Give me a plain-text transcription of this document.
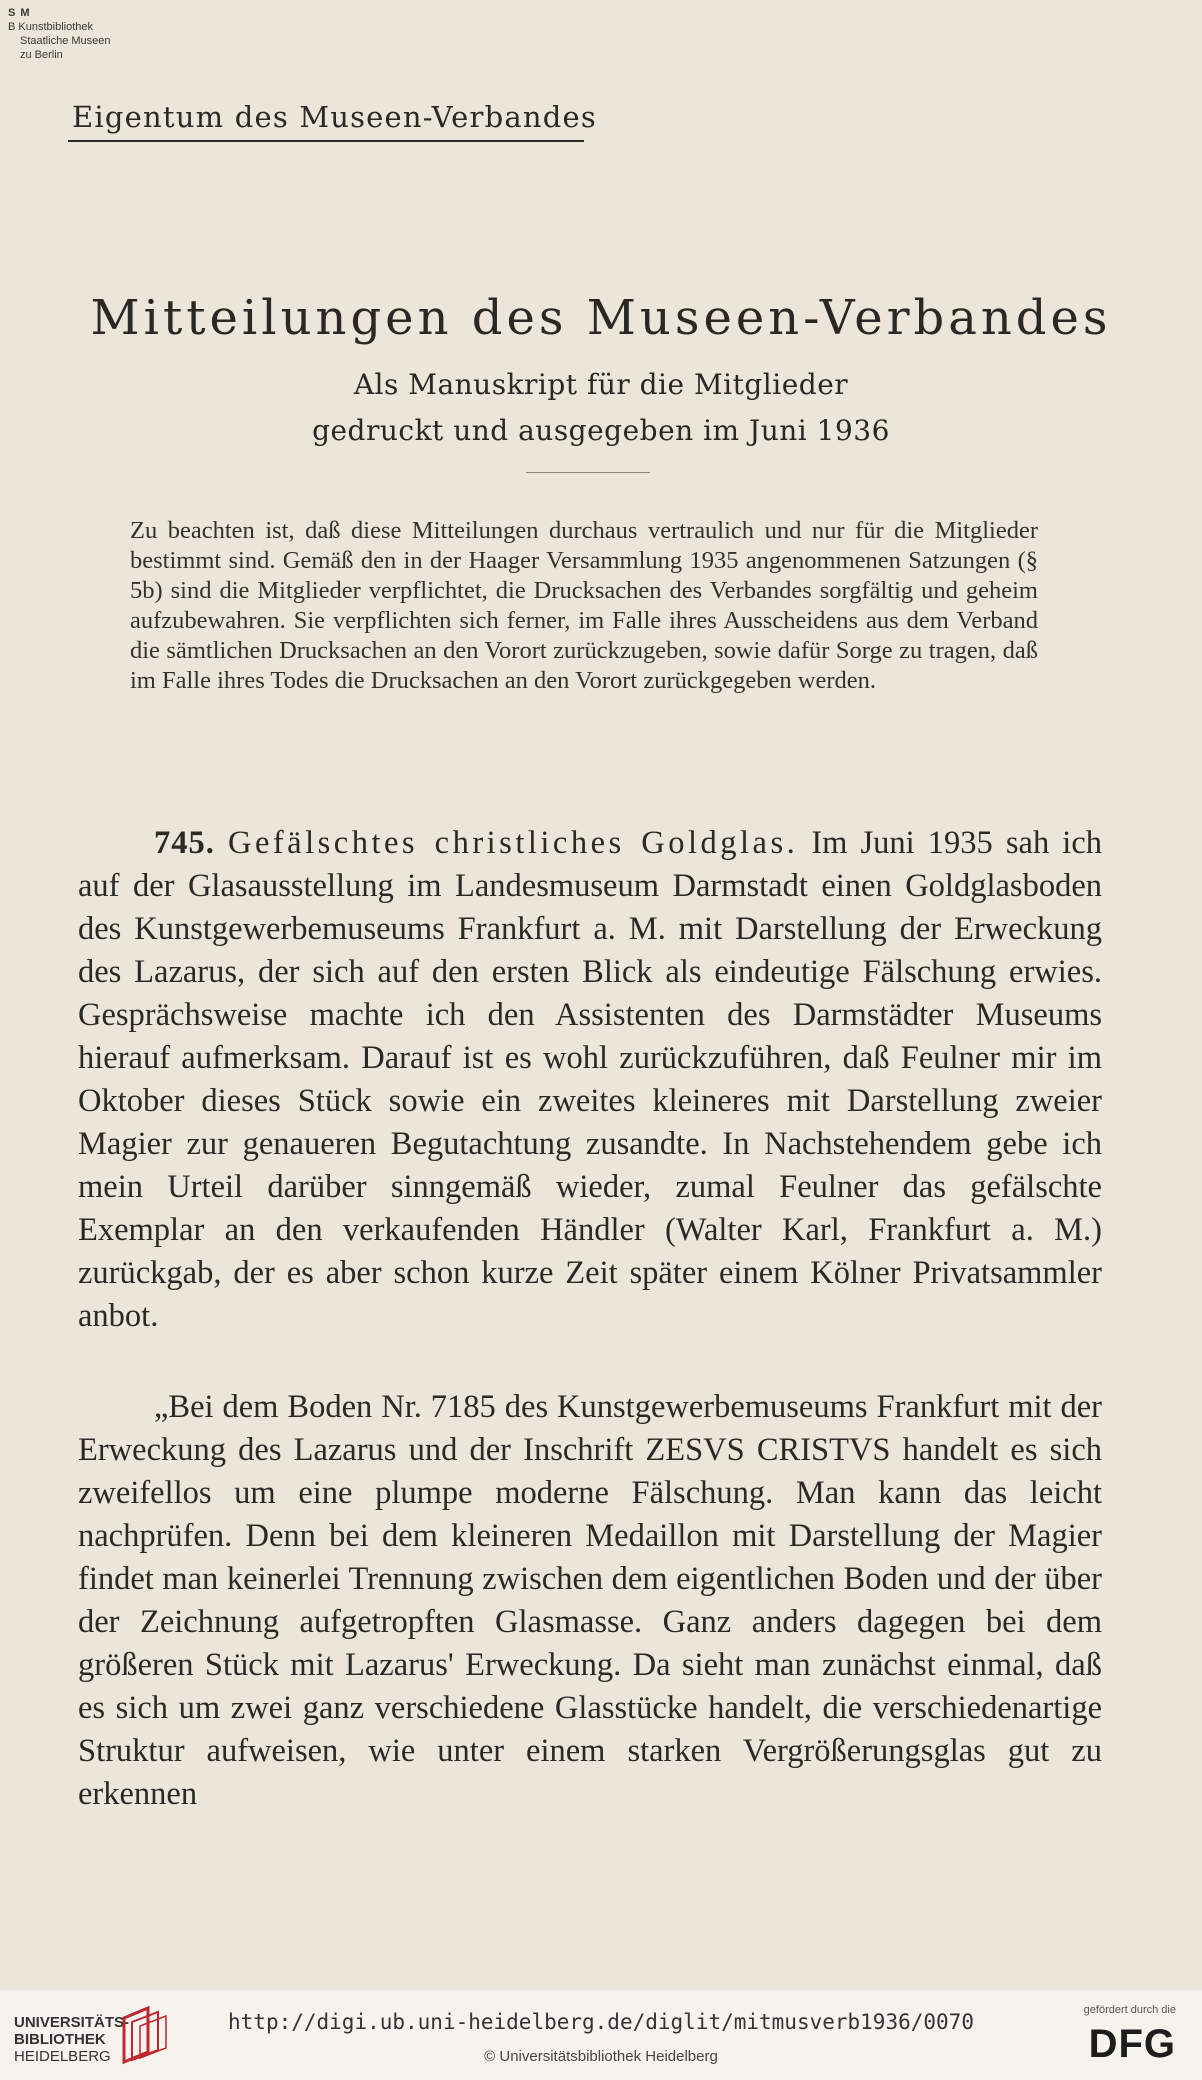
S M
B Kunstbibliothek
Staatliche Museen
zu Berlin
Eigentum des Museen-Verbandes
Mitteilungen des Museen-Verbandes
Als Manuskript für die Mitglieder
gedruckt und ausgegeben im Juni 1936
Zu beachten ist, daß diese Mitteilungen durchaus vertraulich und nur für die Mitglieder bestimmt sind. Gemäß den in der Haager Versammlung 1935 angenommenen Satzungen (§ 5b) sind die Mitglieder verpflichtet, die Drucksachen des Verbandes sorgfältig und geheim aufzubewahren. Sie verpflichten sich ferner, im Falle ihres Ausscheidens aus dem Verband die sämtlichen Drucksachen an den Vorort zurückzugeben, sowie dafür Sorge zu tragen, daß im Falle ihres Todes die Drucksachen an den Vorort zurückgegeben werden.
745. Gefälschtes christliches Goldglas. Im Juni 1935 sah ich auf der Glasausstellung im Landesmuseum Darmstadt einen Goldglasboden des Kunstgewerbemuseums Frankfurt a. M. mit Darstellung der Erweckung des Lazarus, der sich auf den ersten Blick als eindeutige Fälschung erwies. Gesprächsweise machte ich den Assistenten des Darmstädter Museums hierauf aufmerksam. Darauf ist es wohl zurückzuführen, daß Feulner mir im Oktober dieses Stück sowie ein zweites kleineres mit Darstellung zweier Magier zur genaueren Begutachtung zusandte. In Nachstehendem gebe ich mein Urteil darüber sinngemäß wieder, zumal Feulner das gefälschte Exemplar an den verkaufenden Händler (Walter Karl, Frankfurt a. M.) zurückgab, der es aber schon kurze Zeit später einem Kölner Privatsammler anbot.
„Bei dem Boden Nr. 7185 des Kunstgewerbemuseums Frankfurt mit der Erweckung des Lazarus und der Inschrift ZESVS CRISTVS handelt es sich zweifellos um eine plumpe moderne Fälschung. Man kann das leicht nachprüfen. Denn bei dem kleineren Medaillon mit Darstellung der Magier findet man keinerlei Trennung zwischen dem eigentlichen Boden und der über der Zeichnung aufgetropften Glasmasse. Ganz anders dagegen bei dem größeren Stück mit Lazarus' Erweckung. Da sieht man zunächst einmal, daß es sich um zwei ganz verschiedene Glasstücke handelt, die verschiedenartige Struktur aufweisen, wie unter einem starken Vergrößerungsglas gut zu erkennen
UNIVERSITÄTS-
BIBLIOTHEK
HEIDELBERG
http://digi.ub.uni-heidelberg.de/diglit/mitmusverb1936/0070
© Universitätsbibliothek Heidelberg
gefördert durch die
DFG
